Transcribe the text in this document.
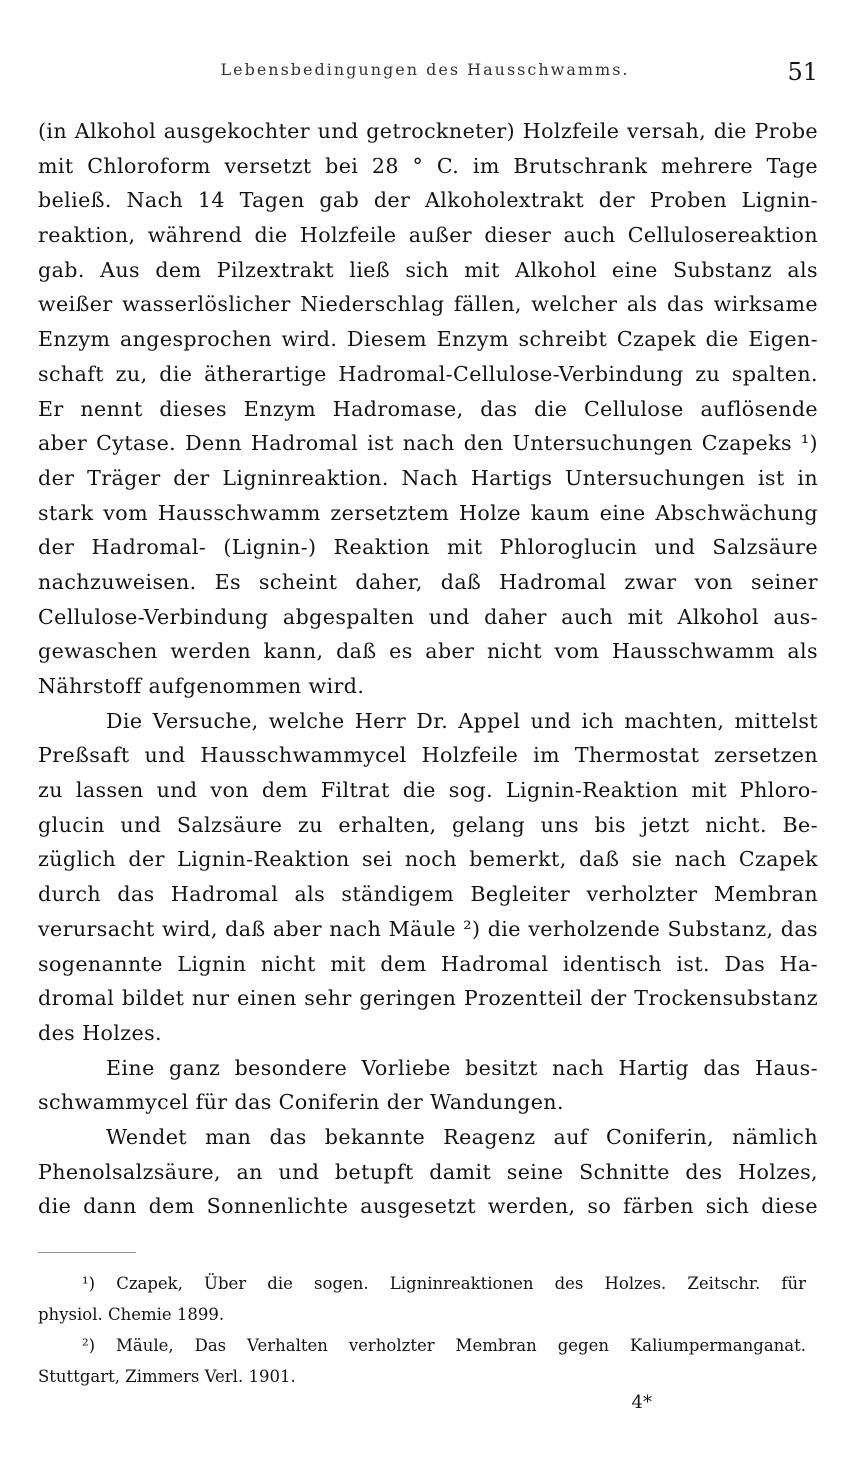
Lebensbedingungen des Hausschwamms.	51
(in Alkohol ausgekochter und getrockneter) Holzfeile versah, die Probe
mit Chloroform versetzt bei 28 ° C. im Brutschrank mehrere Tage
beließ. Nach 14 Tagen gab der Alkoholextrakt der Proben Lignin-
reaktion, während die Holzfeile außer dieser auch Cellulosereaktion
gab. Aus dem Pilzextrakt ließ sich mit Alkohol eine Substanz als
weißer wasserlöslicher Niederschlag fällen, welcher als das wirksame
Enzym angesprochen wird. Diesem Enzym schreibt Czapek die Eigen-
schaft zu, die ätherartige Hadromal-Cellulose-Verbindung zu spalten.
Er nennt dieses Enzym Hadromase, das die Cellulose auflösende
aber Cytase. Denn Hadromal ist nach den Untersuchungen Czapeks ¹)
der Träger der Ligninreaktion. Nach Hartigs Untersuchungen ist in
stark vom Hausschwamm zersetztem Holze kaum eine Abschwächung
der Hadromal- (Lignin-) Reaktion mit Phloroglucin und Salzsäure
nachzuweisen. Es scheint daher, daß Hadromal zwar von seiner
Cellulose-Verbindung abgespalten und daher auch mit Alkohol aus-
gewaschen werden kann, daß es aber nicht vom Hausschwamm als
Nährstoff aufgenommen wird.
Die Versuche, welche Herr Dr. Appel und ich machten, mittelst
Preßsaft und Hausschwammycel Holzfeile im Thermostat zersetzen
zu lassen und von dem Filtrat die sog. Lignin-Reaktion mit Phloro-
glucin und Salzsäure zu erhalten, gelang uns bis jetzt nicht. Be-
züglich der Lignin-Reaktion sei noch bemerkt, daß sie nach Czapek
durch das Hadromal als ständigem Begleiter verholzter Membran
verursacht wird, daß aber nach Mäule ²) die verholzende Substanz, das
sogenannte Lignin nicht mit dem Hadromal identisch ist. Das Ha-
dromal bildet nur einen sehr geringen Prozentteil der Trockensubstanz
des Holzes.
Eine ganz besondere Vorliebe besitzt nach Hartig das Haus-
schwammycel für das Coniferin der Wandungen.
Wendet man das bekannte Reagenz auf Coniferin, nämlich
Phenolsalzsäure, an und betupft damit seine Schnitte des Holzes,
die dann dem Sonnenlichte ausgesetzt werden, so färben sich diese
¹) Czapek, Über die sogen. Ligninreaktionen des Holzes. Zeitschr. für
physiol. Chemie 1899.
²) Mäule, Das Verhalten verholzter Membran gegen Kaliumpermanganat.
Stuttgart, Zimmers Verl. 1901.
4*
